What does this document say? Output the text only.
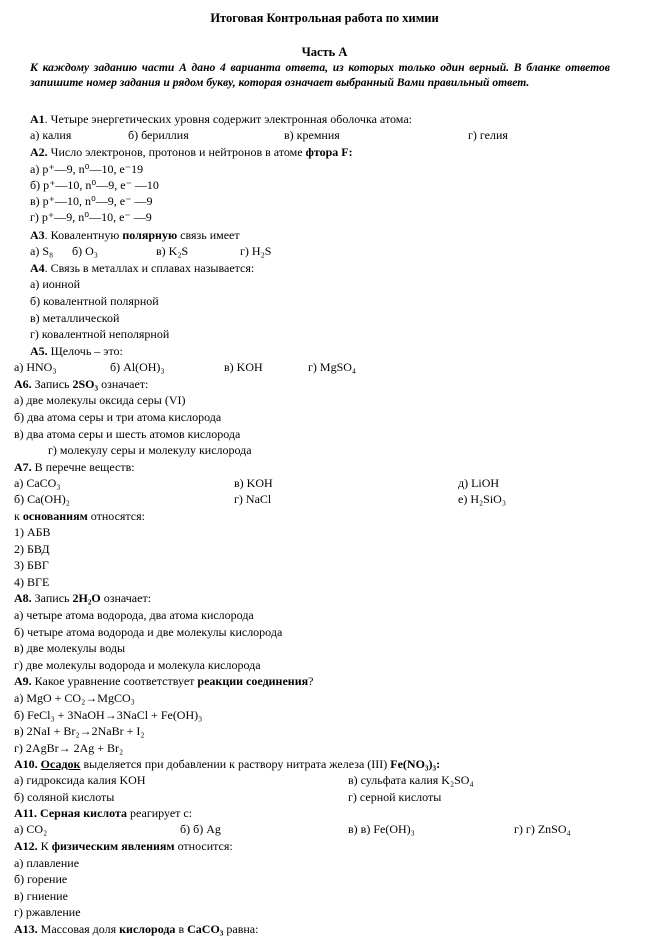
Итоговая Контрольная работа по химии
Часть А
К каждому заданию части А дано 4 варианта ответа, из которых только один верный. В бланке ответов запишите номер задания и рядом букву, которая означает выбранный Вами правильный ответ.
А1. Четыре энергетических уровня содержит электронная оболочка атома:
а) калия	б) бериллия	в) кремния	г) гелия
А2. Число электронов, протонов и нейтронов в атоме фтора F:
а) p⁺—9, n⁰—10, e⁻19
б) p⁺—10, n⁰—9, e⁻ —10
в) p⁺—10, n⁰—9, e⁻ —9
г) p⁺—9, n⁰—10, e⁻ —9
А3. Ковалентную полярную связь имеет
а) S₈ б) O₃	в) K₂S	г) H₂S
А4. Связь в металлах и сплавах называется:
а) ионной
б) ковалентной полярной
в) металлической
г) ковалентной неполярной
А5. Щелочь – это:
а) HNO₃	б) Al(OH)₃	в) KOH	г) MgSO₄
А6. Запись 2SO₃ означает:
а) две молекулы оксида серы (VI)
б) два атома серы и три атома кислорода
в) два атома серы и шесть атомов кислорода
г) молекулу серы и молекулу кислорода
А7. В перечне веществ:
а) CaCO₃	в) KOH	д) LiOH
б) Ca(OH)₂	г) NaCl	е) H₂SiO₃
к основаниям относятся:
1) АБВ
2) БВД
3) БВГ
4) ВГЕ
А8. Запись 2H₂O означает:
а) четыре атома водорода, два атома кислорода
б) четыре атома водорода и две молекулы кислорода
в) две молекулы воды
г) две молекулы водорода и молекула кислорода
А9. Какое уравнение соответствует реакции соединения?
а) MgO + CO₂→MgCO₃
б) FeCl₃ + 3NaOH→3NaCl + Fe(OH)₃
в) 2NaI + Br₂→2NaBr + I₂
г) 2AgBr→ 2Ag + Br₂
А10. Осадок выделяется при добавлении к раствору нитрата железа (III) Fe(NO₃)₃:
а) гидроксида калия KOH	в) сульфата калия K₂SO₄
б) соляной кислоты	г) серной кислоты
А11. Серная кислота реагирует с:
а) CO₂	б) б) Ag	в) в) Fe(OH)₃	г) г) ZnSO₄
А12. К физическим явлениям относится:
а) плавление
б) горение
в) гниение
г) ржавление
А13. Массовая доля кислорода в CaCO₃ равна:
